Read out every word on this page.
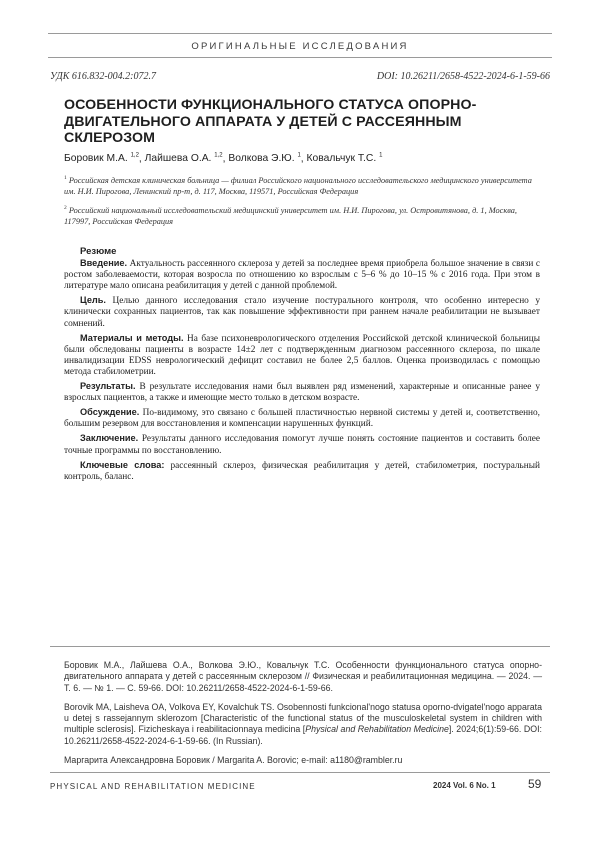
ОРИГИНАЛЬНЫЕ ИССЛЕДОВАНИЯ
УДК 616.832-004.2:072.7	DOI: 10.26211/2658-4522-2024-6-1-59-66
ОСОБЕННОСТИ ФУНКЦИОНАЛЬНОГО СТАТУСА ОПОРНО-ДВИГАТЕЛЬНОГО АППАРАТА У ДЕТЕЙ С РАССЕЯННЫМ СКЛЕРОЗОМ
Боровик М.А. $^{1,2}$, Лайшева О.А. $^{1,2}$, Волкова Э.Ю. $^1$, Ковальчук Т.С. $^1$

$^1$ Российская детская клиническая больница — филиал Российского национального исследовательского медицинского университета им. Н.И. Пирогова, Ленинский пр-т, д. 117, Москва, 119571, Российская Федерация

$^2$ Российский национальный исследовательский медицинский университет им. Н.И. Пирогова, ул. Островитянова, д. 1, Москва, 117997, Российская Федерация

Резюме

Введение. Актуальность рассеянного склероза у детей за последнее время приобрела большое значение в связи с ростом заболеваемости, которая возросла по отношению ко взрослым с 5–6 % до 10–15 % с 2016 года. При этом в литературе мало описана реабилитация у детей с данной проблемой.

Цель. Целью данного исследования стало изучение постурального контроля, что особенно интересно у клинически сохранных пациентов, так как повышение эффективности при раннем начале реабилитации не вызывает сомнений.

Материалы и методы. На базе психоневрологического отделения Российской детской клинической больницы были обследованы пациенты в возрасте 14±2 лет с подтвержденным диагнозом рассеянного склероза, по шкале инвалидизации EDSS неврологический дефицит составил не более 2,5 баллов. Оценка производилась с помощью метода стабилометрии.

Результаты. В результате исследования нами был выявлен ряд изменений, характерные и описанные ранее у взрослых пациентов, а также и имеющие место только в детском возрасте.

Обсуждение. По-видимому, это связано с большей пластичностью нервной системы у детей и, соответственно, большим резервом для восстановления и компенсации нарушенных функций.

Заключение. Результаты данного исследования помогут лучше понять состояние пациентов и составить более точные программы по восстановлению.

Ключевые слова: рассеянный склероз, физическая реабилитация у детей, стабилометрия, постуральный контроль, баланс.

Боровик М.А., Лайшева О.А., Волкова Э.Ю., Ковальчук Т.С. Особенности функционального статуса опорно-двигательного аппарата у детей с рассеянным склерозом // Физическая и реабилитационная медицина. — 2024. — Т. 6. — № 1. — С. 59-66. DOI: 10.26211/2658-4522-2024-6-1-59-66.

Borovik MA, Laisheva OA, Volkova EY, Kovalchuk TS. Osobennosti funkcional'nogo statusa oporno-dvigatel'nogo apparata u detej s rassejannym sklerozom [Characteristic of the functional status of the musculoskeletal system in children with multiple sclerosis]. Fizicheskaya i reabilitacionnaya medicina [Physical and Rehabilitation Medicine]. 2024;6(1):59-66. DOI: 10.26211/2658-4522-2024-6-1-59-66. (In Russian).

Маргарита Александровна Боровик / Margarita A. Borovic; e-mail: a1180@rambler.ru

PHYSICAL AND REHABILITATION MEDICINE	2024 Vol. 6 No. 1	59
